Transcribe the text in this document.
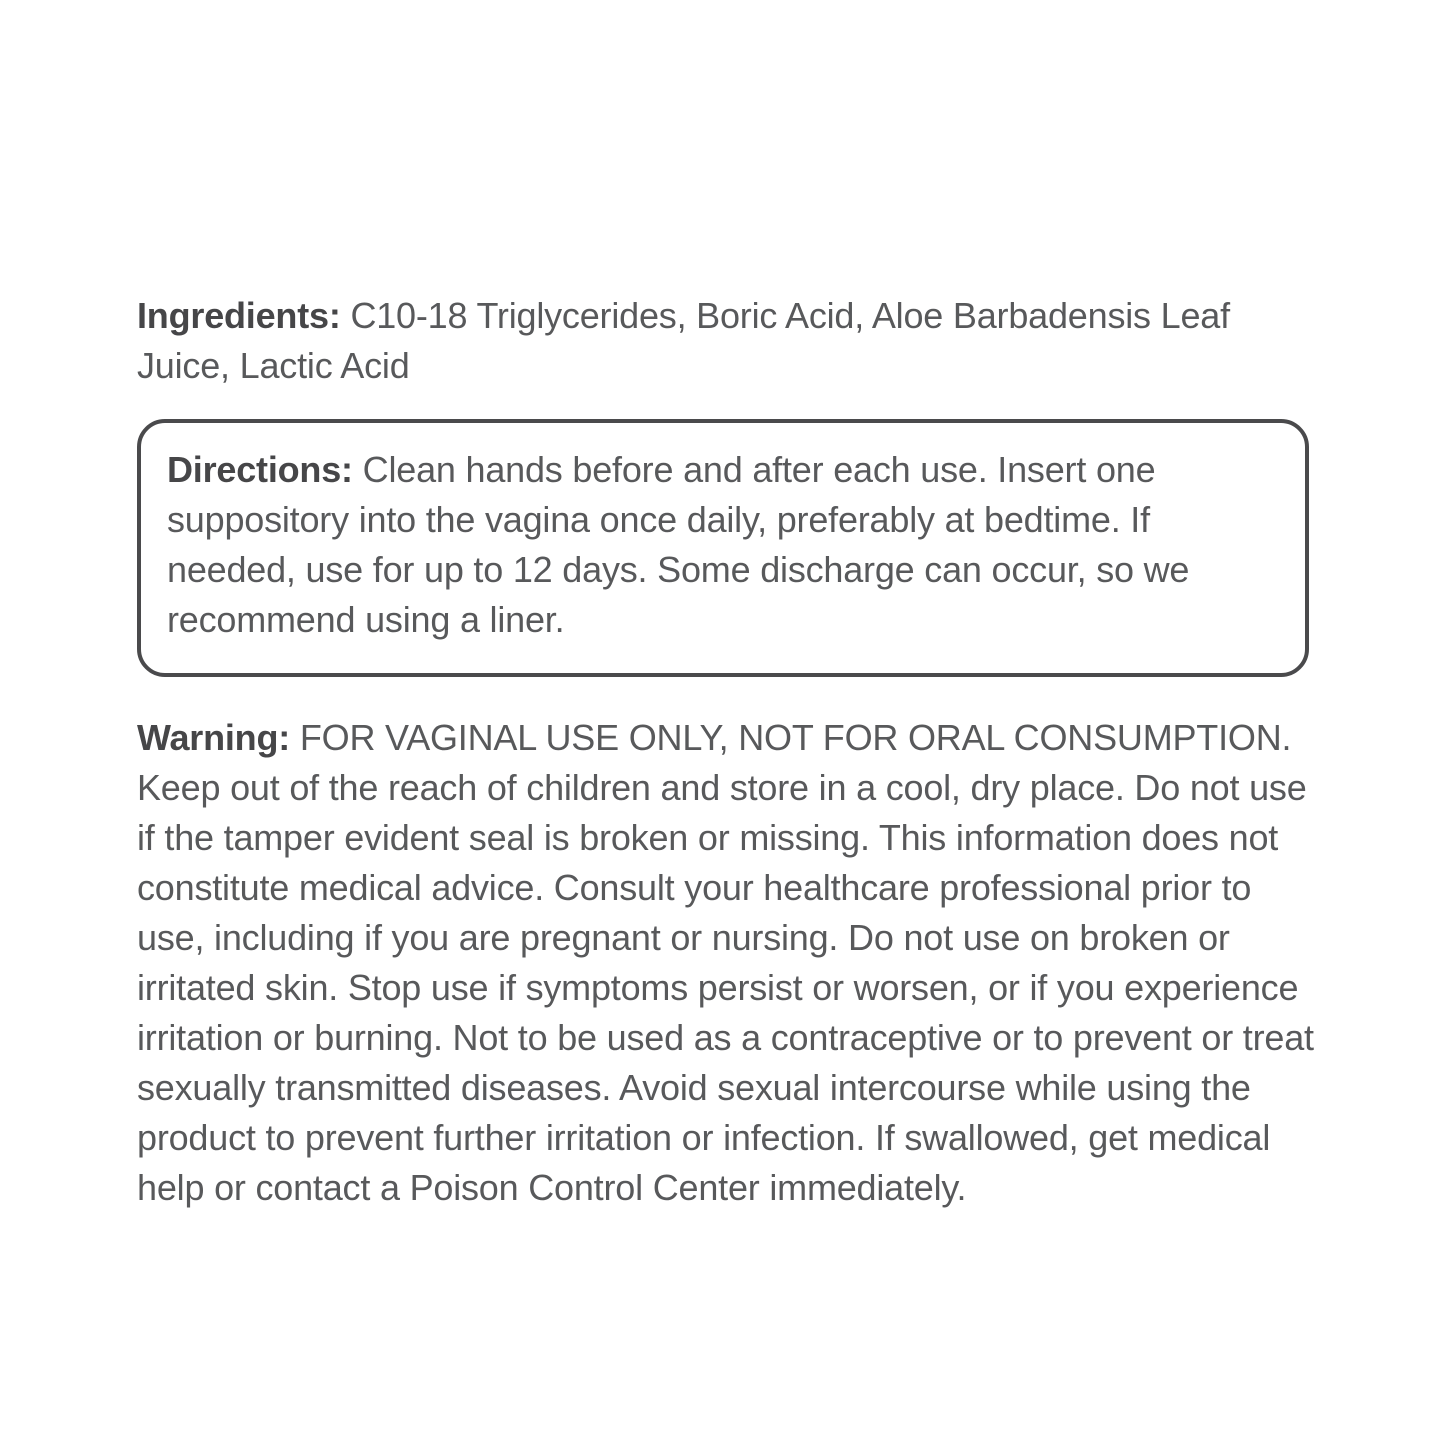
Ingredients: C10-18 Triglycerides, Boric Acid, Aloe Barbadensis Leaf Juice, Lactic Acid

Directions: Clean hands before and after each use. Insert one suppository into the vagina once daily, preferably at bedtime. If needed, use for up to 12 days. Some discharge can occur, so we recommend using a liner.

Warning: FOR VAGINAL USE ONLY, NOT FOR ORAL CONSUMPTION. Keep out of the reach of children and store in a cool, dry place. Do not use if the tamper evident seal is broken or missing. This information does not constitute medical advice. Consult your healthcare professional prior to use, including if you are pregnant or nursing. Do not use on broken or irritated skin. Stop use if symptoms persist or worsen, or if you experience irritation or burning. Not to be used as a contraceptive or to prevent or treat sexually transmitted diseases. Avoid sexual intercourse while using the product to prevent further irritation or infection. If swallowed, get medical help or contact a Poison Control Center immediately.
